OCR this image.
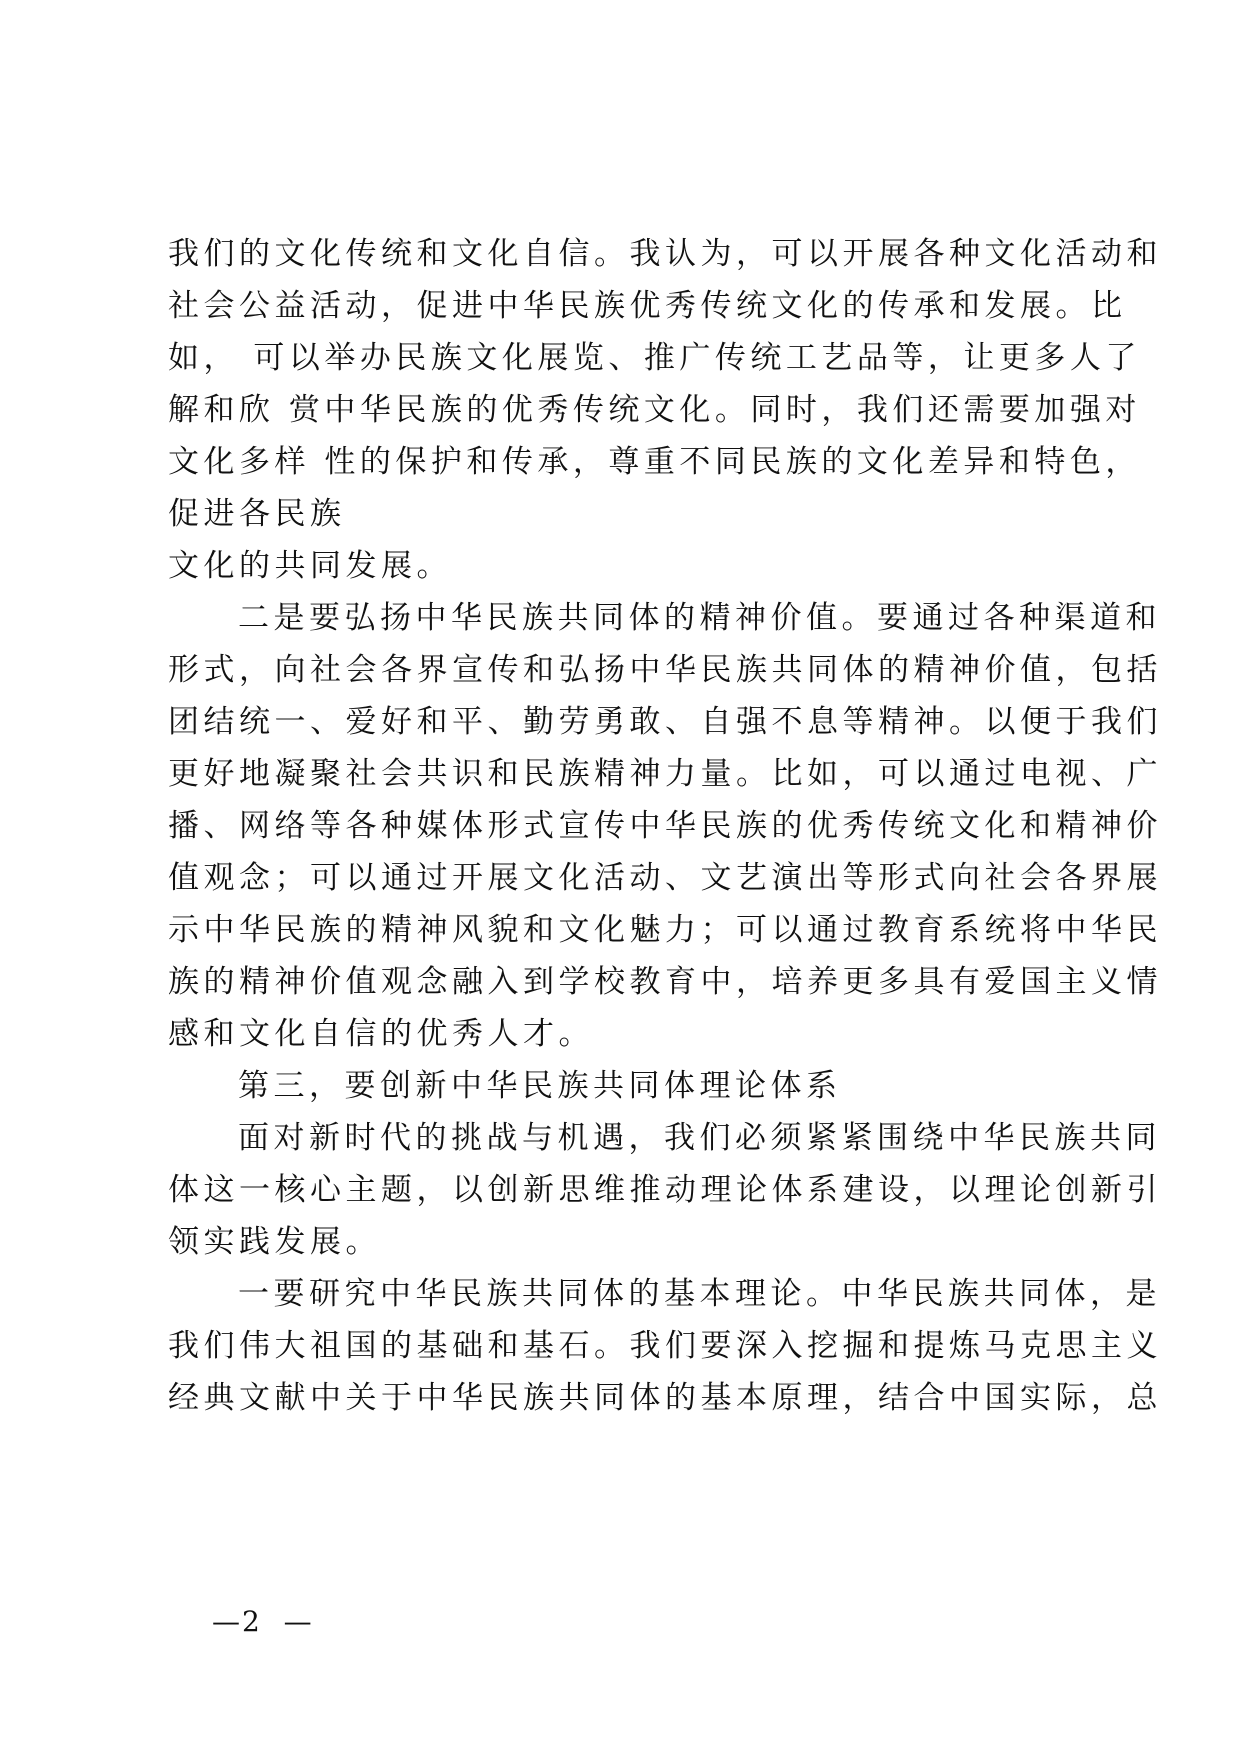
我们的文化传统和文化自信。我认为，可以开展各种文化活动和
社会公益活动，促进中华民族优秀传统文化的传承和发展。比
如， 可以举办民族文化展览、推广传统工艺品等，让更多人了
解和欣 赏中华民族的优秀传统文化。同时，我们还需要加强对
文化多样 性的保护和传承，尊重不同民族的文化差异和特色，
促进各民族
文化的共同发展。
二是要弘扬中华民族共同体的精神价值。要通过各种渠道和
形式，向社会各界宣传和弘扬中华民族共同体的精神价值，包括
团结统一、爱好和平、勤劳勇敢、自强不息等精神。以便于我们
更好地凝聚社会共识和民族精神力量。比如，可以通过电视、广
播、网络等各种媒体形式宣传中华民族的优秀传统文化和精神价
值观念；可以通过开展文化活动、文艺演出等形式向社会各界展
示中华民族的精神风貌和文化魅力；可以通过教育系统将中华民
族的精神价值观念融入到学校教育中，培养更多具有爱国主义情
感和文化自信的优秀人才。
第三，要创新中华民族共同体理论体系
面对新时代的挑战与机遇，我们必须紧紧围绕中华民族共同
体这一核心主题，以创新思维推动理论体系建设，以理论创新引
领实践发展。
一要研究中华民族共同体的基本理论。中华民族共同体，是
我们伟大祖国的基础和基石。我们要深入挖掘和提炼马克思主义
经典文献中关于中华民族共同体的基本原理，结合中国实际，总
—2  —
